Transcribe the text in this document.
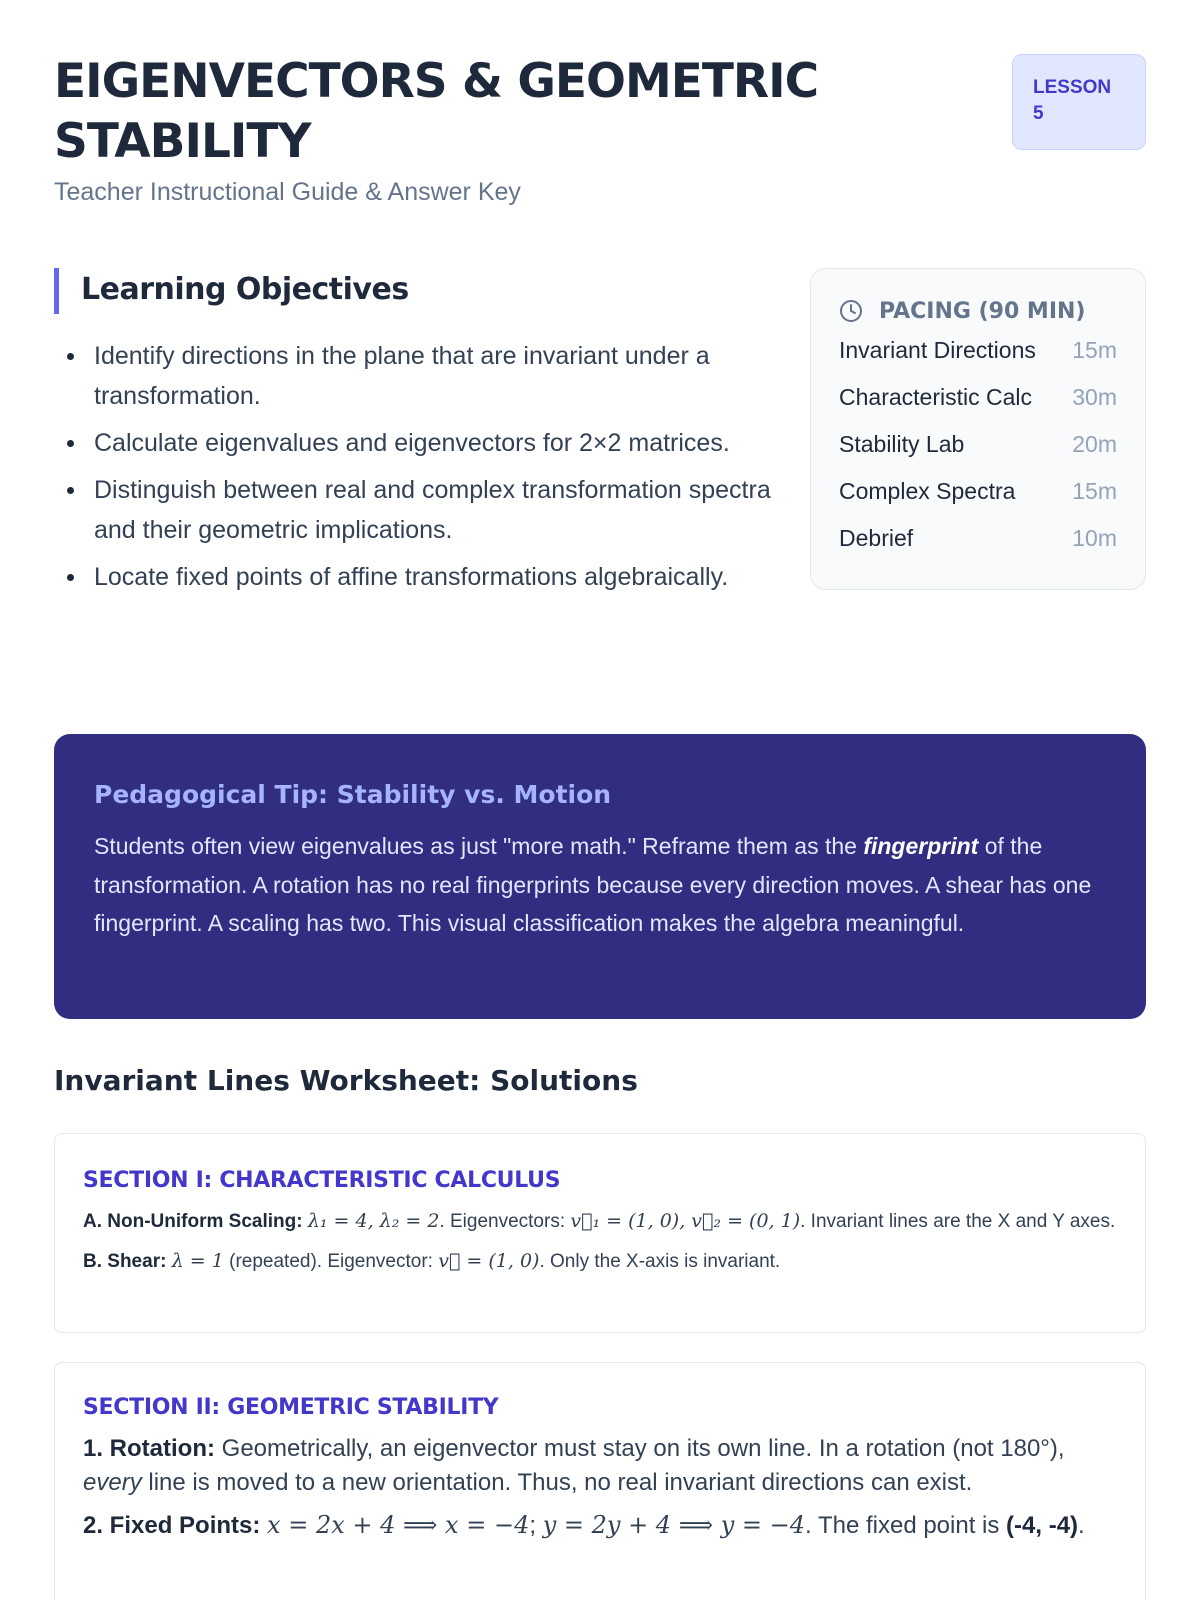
EIGENVECTORS & GEOMETRIC STABILITY
Teacher Instructional Guide & Answer Key
LESSON 5
Learning Objectives
Identify directions in the plane that are invariant under a transformation.
Calculate eigenvalues and eigenvectors for 2×2 matrices.
Distinguish between real and complex transformation spectra and their geometric implications.
Locate fixed points of affine transformations algebraically.
PACING (90 MIN)
Invariant Directions 15m
Characteristic Calc 30m
Stability Lab	20m
Complex Spectra 15m
Debrief	10m
Pedagogical Tip: Stability vs. Motion

Students often view eigenvalues as just "more math." Reframe them as the fingerprint of the transformation. A rotation has no real fingerprints because every direction moves. A shear has one fingerprint. A scaling has two. This visual classification makes the algebra meaningful.

Invariant Lines Worksheet: Solutions
SECTION I: CHARACTERISTIC CALCULUS

A. Non-Uniform Scaling: λ₁ = 4, λ₂ = 2. Eigenvectors: v⃗₁ = (1, 0), v⃗₂ = (0, 1). Invariant lines are the X and Y axes.

B. Shear: λ = 1 (repeated). Eigenvector: v⃗ = (1, 0). Only the X-axis is invariant.

SECTION II: GEOMETRIC STABILITY

1. Rotation: Geometrically, an eigenvector must stay on its own line. In a rotation (not 180°), every line is moved to a new orientation. Thus, no real invariant directions can exist.

2. Fixed Points: x = 2x + 4 ⟹ x = −4; y = 2y + 4 ⟹ y = −4. The fixed point is (-4, -4).
